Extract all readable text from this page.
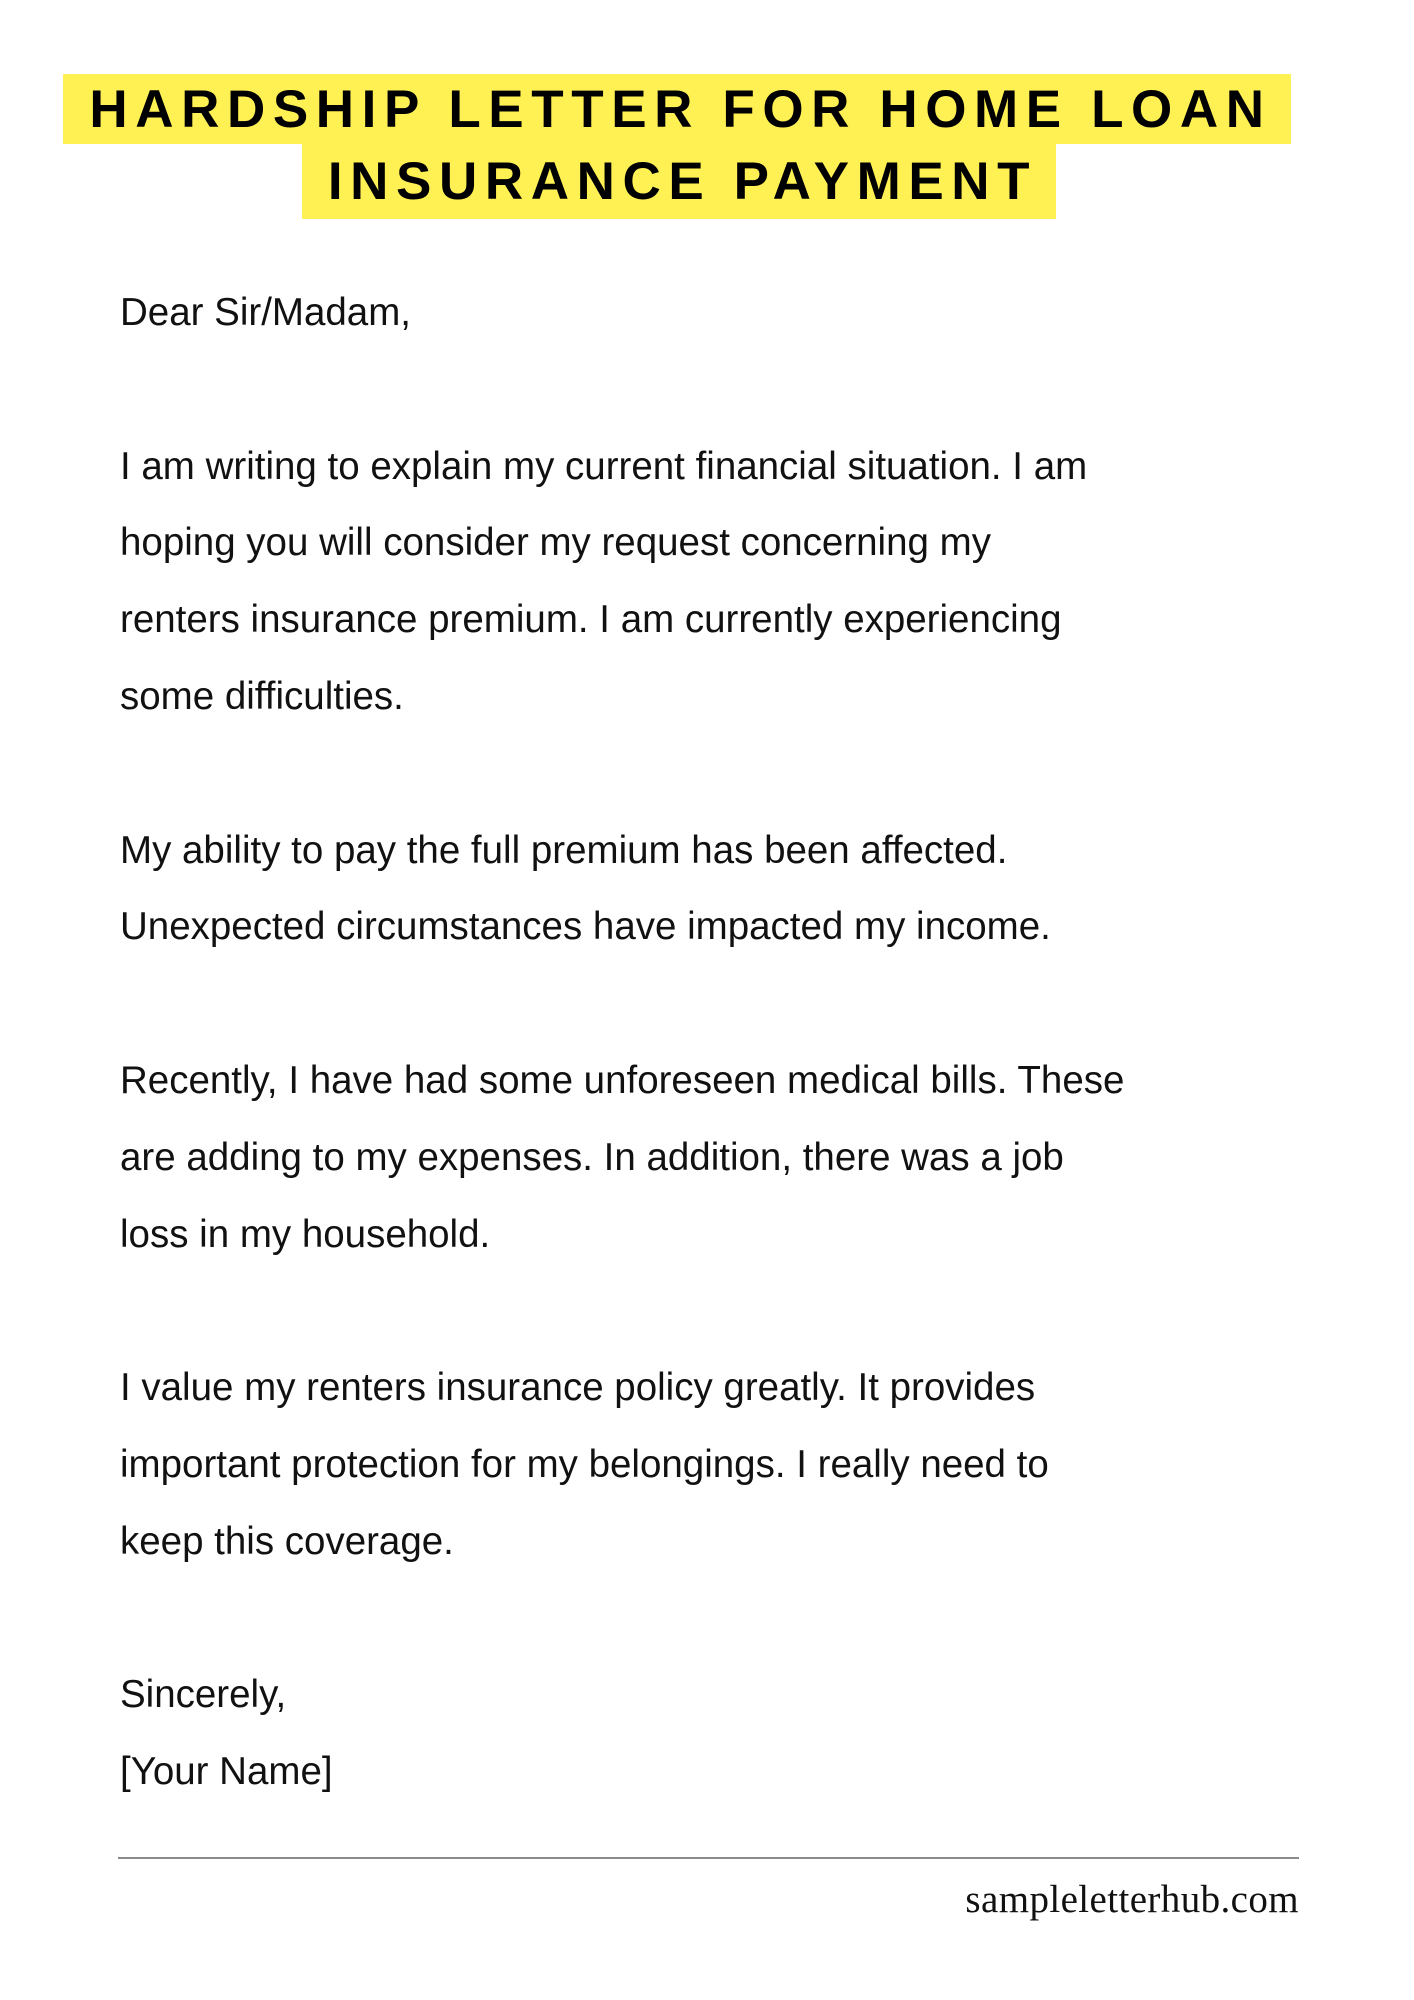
HARDSHIP LETTER FOR HOME LOAN
INSURANCE PAYMENT

Dear Sir/Madam,

I am writing to explain my current financial situation. I am

hoping you will consider my request concerning my

renters insurance premium. I am currently experiencing

some difficulties.

My ability to pay the full premium has been affected.

Unexpected circumstances have impacted my income.

Recently, I have had some unforeseen medical bills. These

are adding to my expenses. In addition, there was a job

loss in my household.

I value my renters insurance policy greatly. It provides

important protection for my belongings. I really need to

keep this coverage.

Sincerely,

[Your Name]

sampleletterhub.com
